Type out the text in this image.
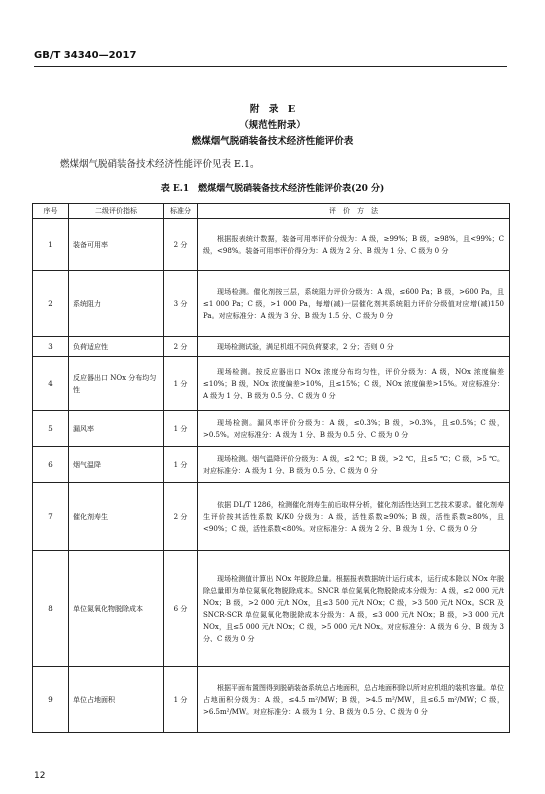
GB/T 34340—2017
附　录　E
（规范性附录）
燃煤烟气脱硝装备技术经济性能评价表
燃煤烟气脱硝装备技术经济性能评价见表 E.1。
表 E.1　燃煤烟气脱硝装备技术经济性能评价表(20 分)
序号	二级评价指标	标准分	评　价　方　法
1	装备可用率	2 分	根据报表统计数据，装备可用率评价分级为：A 级，≥99%；B 级，≥98%，且<99%；C 级，<98%。装备可用率评价得分为：A 级为 2 分、B 级为 1 分、C 级为 0 分
2	系统阻力	3 分	现场检测。催化剂按三层，系统阻力评价分级为：A 级，≤600 Pa；B 级，>600 Pa，且≤1 000 Pa；C 级，>1 000 Pa，每增(减)一层催化剂其系统阻力评价分级值对应增(减)150 Pa。对应标准分：A 级为 3 分、B 级为 1.5 分、C 级为 0 分
3	负荷适应性	2 分	现场检测试验，满足机组不同负荷要求，2 分；否则 0 分
4	反应器出口 NOx 分布均匀性	1 分	现场检测。按反应器出口 NOx 浓度分布均匀性，评价分级为：A 级，NOx 浓度偏差≤10%；B 级，NOx 浓度偏差>10%，且≤15%；C 级，NOx 浓度偏差>15%。对应标准分：A 级为 1 分、B 级为 0.5 分、C 级为 0 分
5	漏风率	1 分	现场检测。漏风率评价分级为：A 级，≤0.3%；B 级，>0.3%，且≤0.5%；C 级，>0.5%。对应标准分：A 级为 1 分、B 级为 0.5 分、C 级为 0 分
6	烟气温降	1 分	现场检测。烟气温降评价分级为：A 级，≤2 ℃；B 级，>2 ℃，且≤5 ℃；C 级，>5 ℃。对应标准分：A 级为 1 分、B 级为 0.5 分、C 级为 0 分
7	催化剂寿生	2 分	依据 DL/T 1286，检测催化剂寿生前后取样分析，催化剂活性达到工艺技术要求。催化剂寿生评价按其活性系数 K/K0 分级为：A 级，活性系数≥90%；B 级，活性系数≥80%，且<90%；C 级，活性系数<80%。对应标准分：A 级为 2 分、B 级为 1 分、C 级为 0 分
8	单位氮氧化物脱除成本	6 分	现场检测值计算出 NOx 年脱除总量。根据报表数据统计运行成本，运行成本除以 NOx 年脱除总量即为单位氮氧化物脱除成本。SNCR 单位氮氧化物脱除成本分级为：A 级，≤2 000 元/t NOx；B 级，>2 000 元/t NOx，且≤3 500 元/t NOx；C 级，>3 500 元/t NOx。SCR 及 SNCR-SCR 单位氮氧化物脱除成本分级为：A 级，≤3 000 元/t NOx；B 级，>3 000 元/t NOx，且≤5 000 元/t NOx；C 级，>5 000 元/t NOx。对应标准分：A 级为 6 分、B 级为 3 分、C 级为 0 分
9	单位占地面积	1 分	根据平面布置图得到脱硝装备系统总占地面积，总占地面积除以所对应机组的装机容量。单位占地面积分级为：A 级，≤4.5 m²/MW；B 级，>4.5 m²/MW，且≤6.5 m²/MW；C 级，>6.5m²/MW。对应标准分：A 级为 1 分、B 级为 0.5 分、C 级为 0 分
12
